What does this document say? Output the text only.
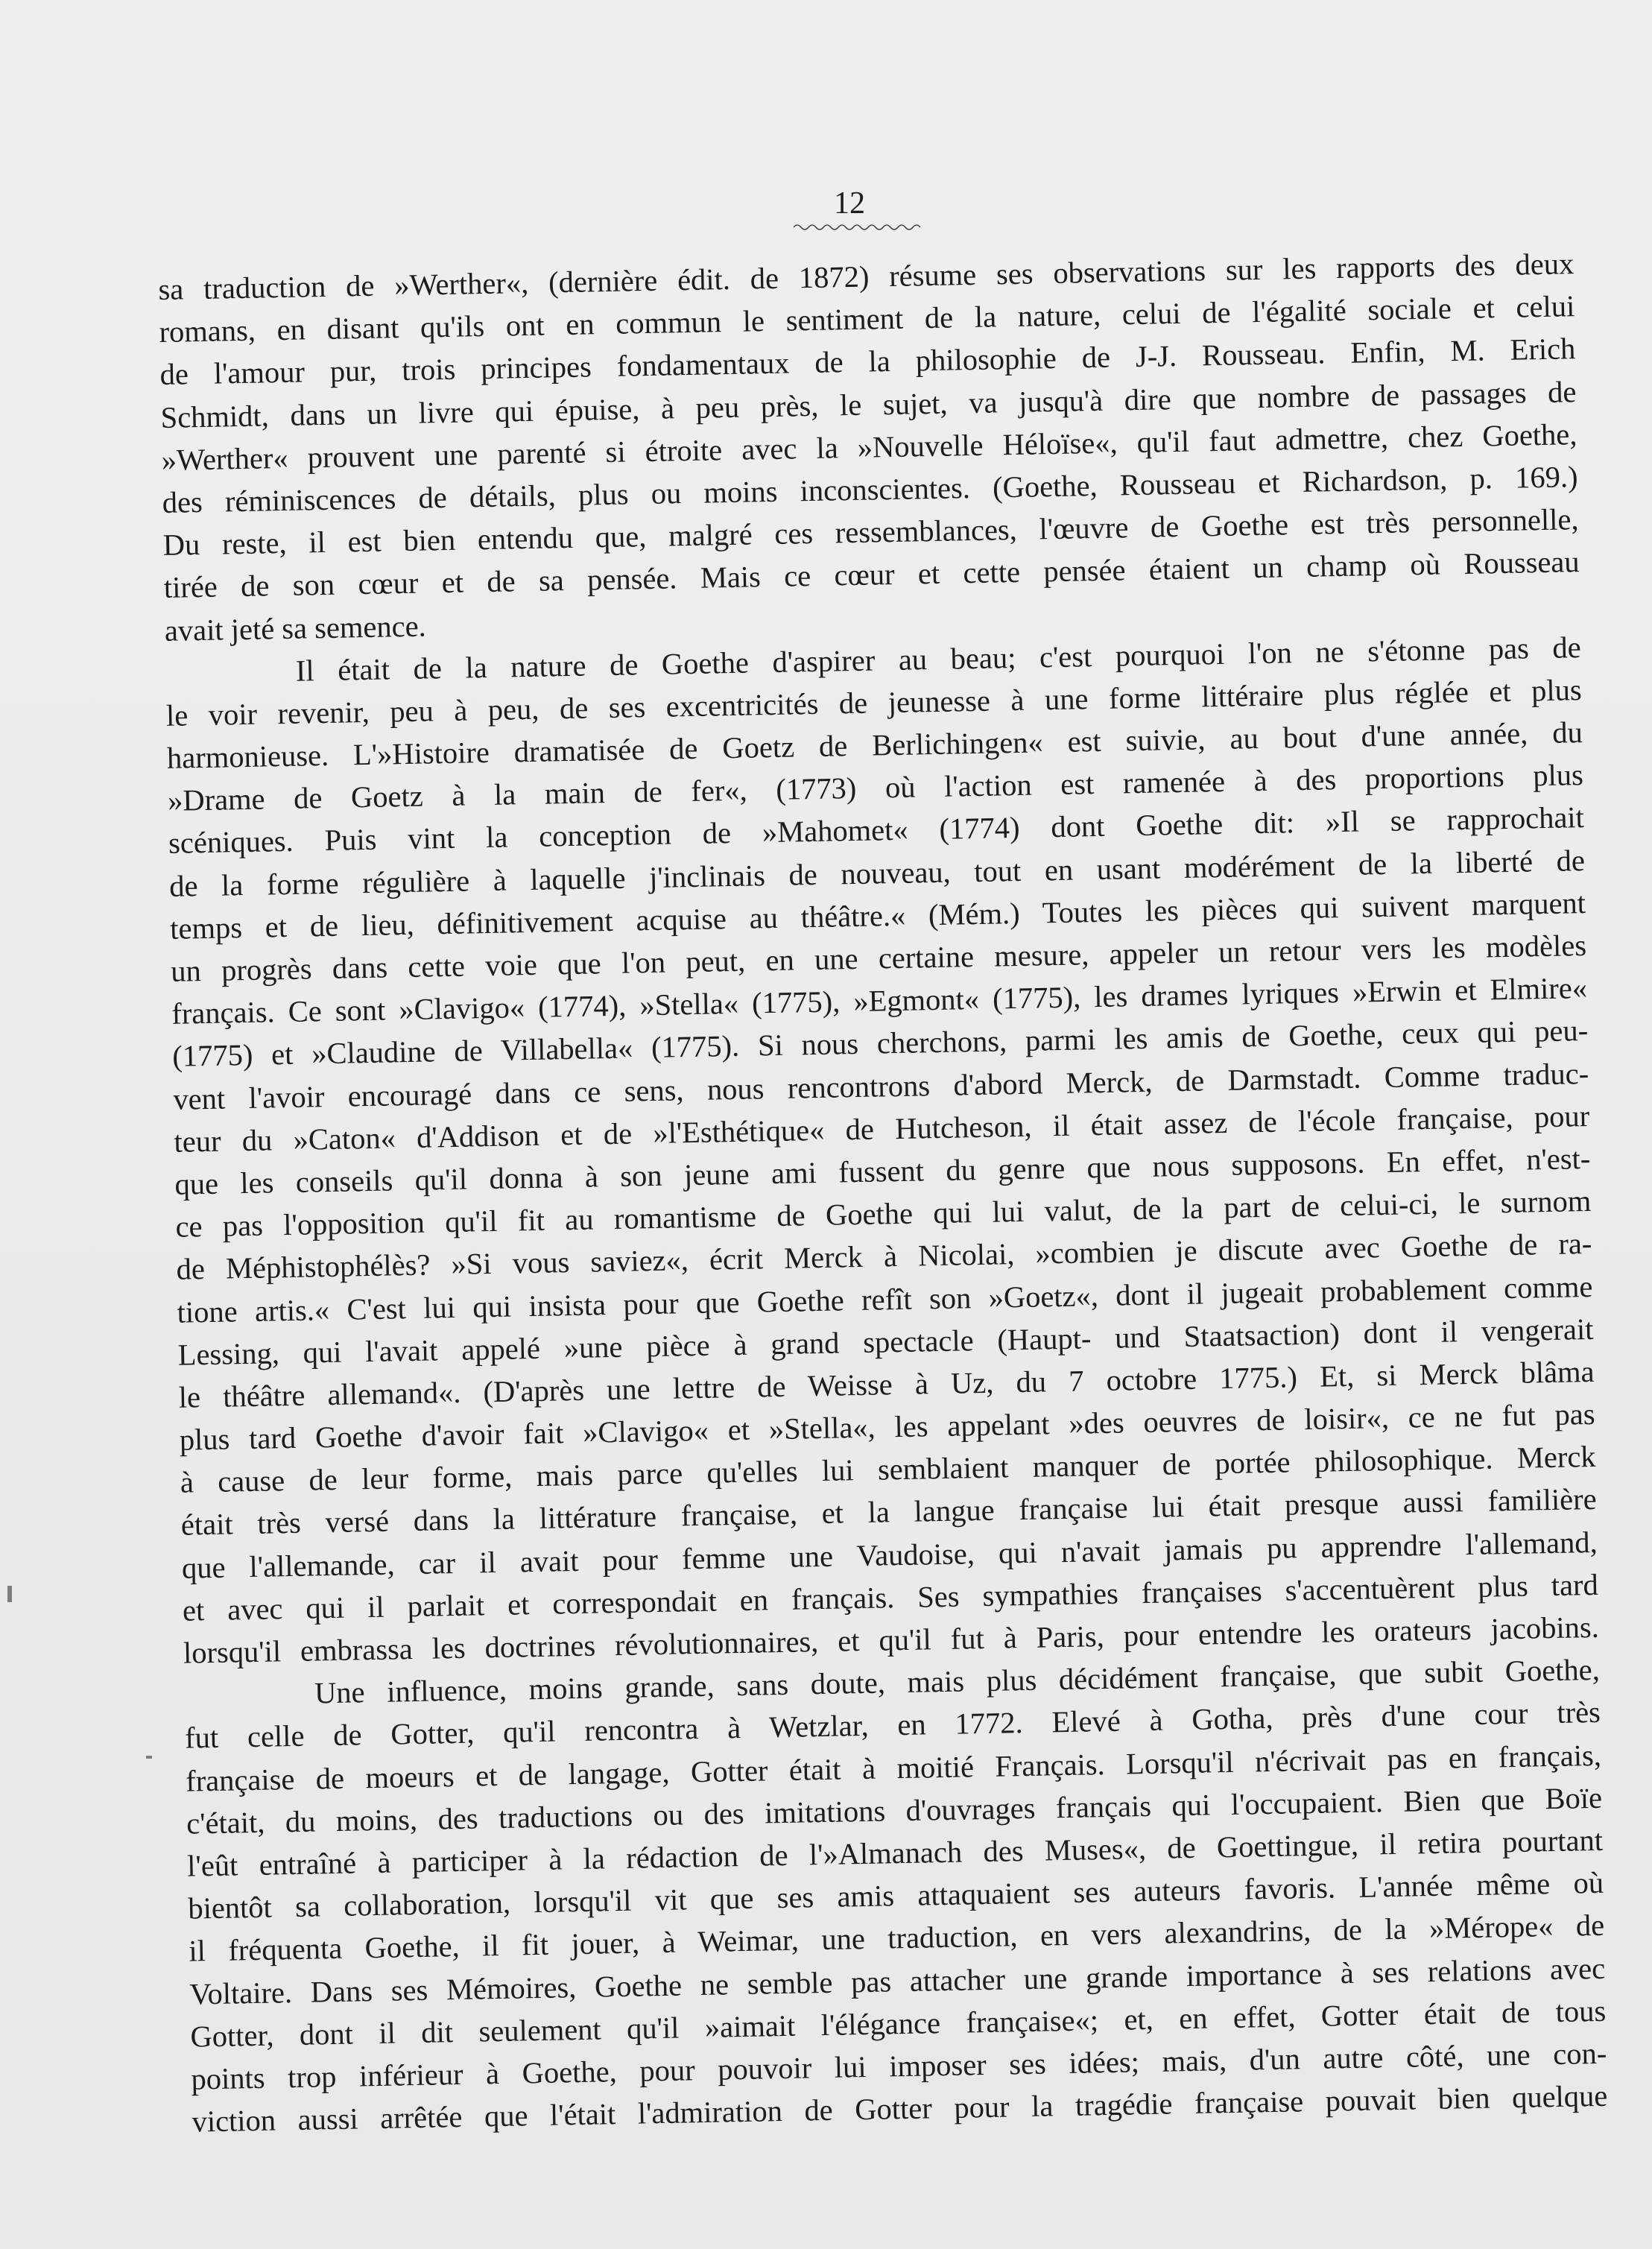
12
sa traduction de »Werther«, (dernière édit. de 1872) résume ses observations sur les rapports des deux
romans, en disant qu'ils ont en commun le sentiment de la nature, celui de l'égalité sociale et celui
de l'amour pur, trois principes fondamentaux de la philosophie de J-J. Rousseau. Enfin, M. Erich
Schmidt, dans un livre qui épuise, à peu près, le sujet, va jusqu'à dire que nombre de passages de
»Werther« prouvent une parenté si étroite avec la »Nouvelle Héloïse«, qu'il faut admettre, chez Goethe,
des réminiscences de détails, plus ou moins inconscientes. (Goethe, Rousseau et Richardson, p. 169.)
Du reste, il est bien entendu que, malgré ces ressemblances, l'œuvre de Goethe est très personnelle,
tirée de son cœur et de sa pensée. Mais ce cœur et cette pensée étaient un champ où Rousseau
avait jeté sa semence.
Il était de la nature de Goethe d'aspirer au beau; c'est pourquoi l'on ne s'étonne pas de
le voir revenir, peu à peu, de ses excentricités de jeunesse à une forme littéraire plus réglée et plus
harmonieuse. L'»Histoire dramatisée de Goetz de Berlichingen« est suivie, au bout d'une année, du
»Drame de Goetz à la main de fer«, (1773) où l'action est ramenée à des proportions plus
scéniques. Puis vint la conception de »Mahomet« (1774) dont Goethe dit: »Il se rapprochait
de la forme régulière à laquelle j'inclinais de nouveau, tout en usant modérément de la liberté de
temps et de lieu, définitivement acquise au théâtre.« (Mém.) Toutes les pièces qui suivent marquent
un progrès dans cette voie que l'on peut, en une certaine mesure, appeler un retour vers les modèles
français. Ce sont »Clavigo« (1774), »Stella« (1775), »Egmont« (1775), les drames lyriques »Erwin et Elmire«
(1775) et »Claudine de Villabella« (1775). Si nous cherchons, parmi les amis de Goethe, ceux qui peu-
vent l'avoir encouragé dans ce sens, nous rencontrons d'abord Merck, de Darmstadt. Comme traduc-
teur du »Caton« d'Addison et de »l'Esthétique« de Hutcheson, il était assez de l'école française, pour
que les conseils qu'il donna à son jeune ami fussent du genre que nous supposons. En effet, n'est-
ce pas l'opposition qu'il fit au romantisme de Goethe qui lui valut, de la part de celui-ci, le surnom
de Méphistophélès? »Si vous saviez«, écrit Merck à Nicolai, »combien je discute avec Goethe de ra-
tione artis.« C'est lui qui insista pour que Goethe refît son »Goetz«, dont il jugeait probablement comme
Lessing, qui l'avait appelé »une pièce à grand spectacle (Haupt- und Staatsaction) dont il vengerait
le théâtre allemand«. (D'après une lettre de Weisse à Uz, du 7 octobre 1775.) Et, si Merck blâma
plus tard Goethe d'avoir fait »Clavigo« et »Stella«, les appelant »des oeuvres de loisir«, ce ne fut pas
à cause de leur forme, mais parce qu'elles lui semblaient manquer de portée philosophique. Merck
était très versé dans la littérature française, et la langue française lui était presque aussi familière
que l'allemande, car il avait pour femme une Vaudoise, qui n'avait jamais pu apprendre l'allemand,
et avec qui il parlait et correspondait en français. Ses sympathies françaises s'accentuèrent plus tard
lorsqu'il embrassa les doctrines révolutionnaires, et qu'il fut à Paris, pour entendre les orateurs jacobins.
Une influence, moins grande, sans doute, mais plus décidément française, que subit Goethe,
fut celle de Gotter, qu'il rencontra à Wetzlar, en 1772. Elevé à Gotha, près d'une cour très
française de moeurs et de langage, Gotter était à moitié Français. Lorsqu'il n'écrivait pas en français,
c'était, du moins, des traductions ou des imitations d'ouvrages français qui l'occupaient. Bien que Boïe
l'eût entraîné à participer à la rédaction de l'»Almanach des Muses«, de Goettingue, il retira pourtant
bientôt sa collaboration, lorsqu'il vit que ses amis attaquaient ses auteurs favoris. L'année même où
il fréquenta Goethe, il fit jouer, à Weimar, une traduction, en vers alexandrins, de la »Mérope« de
Voltaire. Dans ses Mémoires, Goethe ne semble pas attacher une grande importance à ses relations avec
Gotter, dont il dit seulement qu'il »aimait l'élégance française«; et, en effet, Gotter était de tous
points trop inférieur à Goethe, pour pouvoir lui imposer ses idées; mais, d'un autre côté, une con-
viction aussi arrêtée que l'était l'admiration de Gotter pour la tragédie française pouvait bien quelque
